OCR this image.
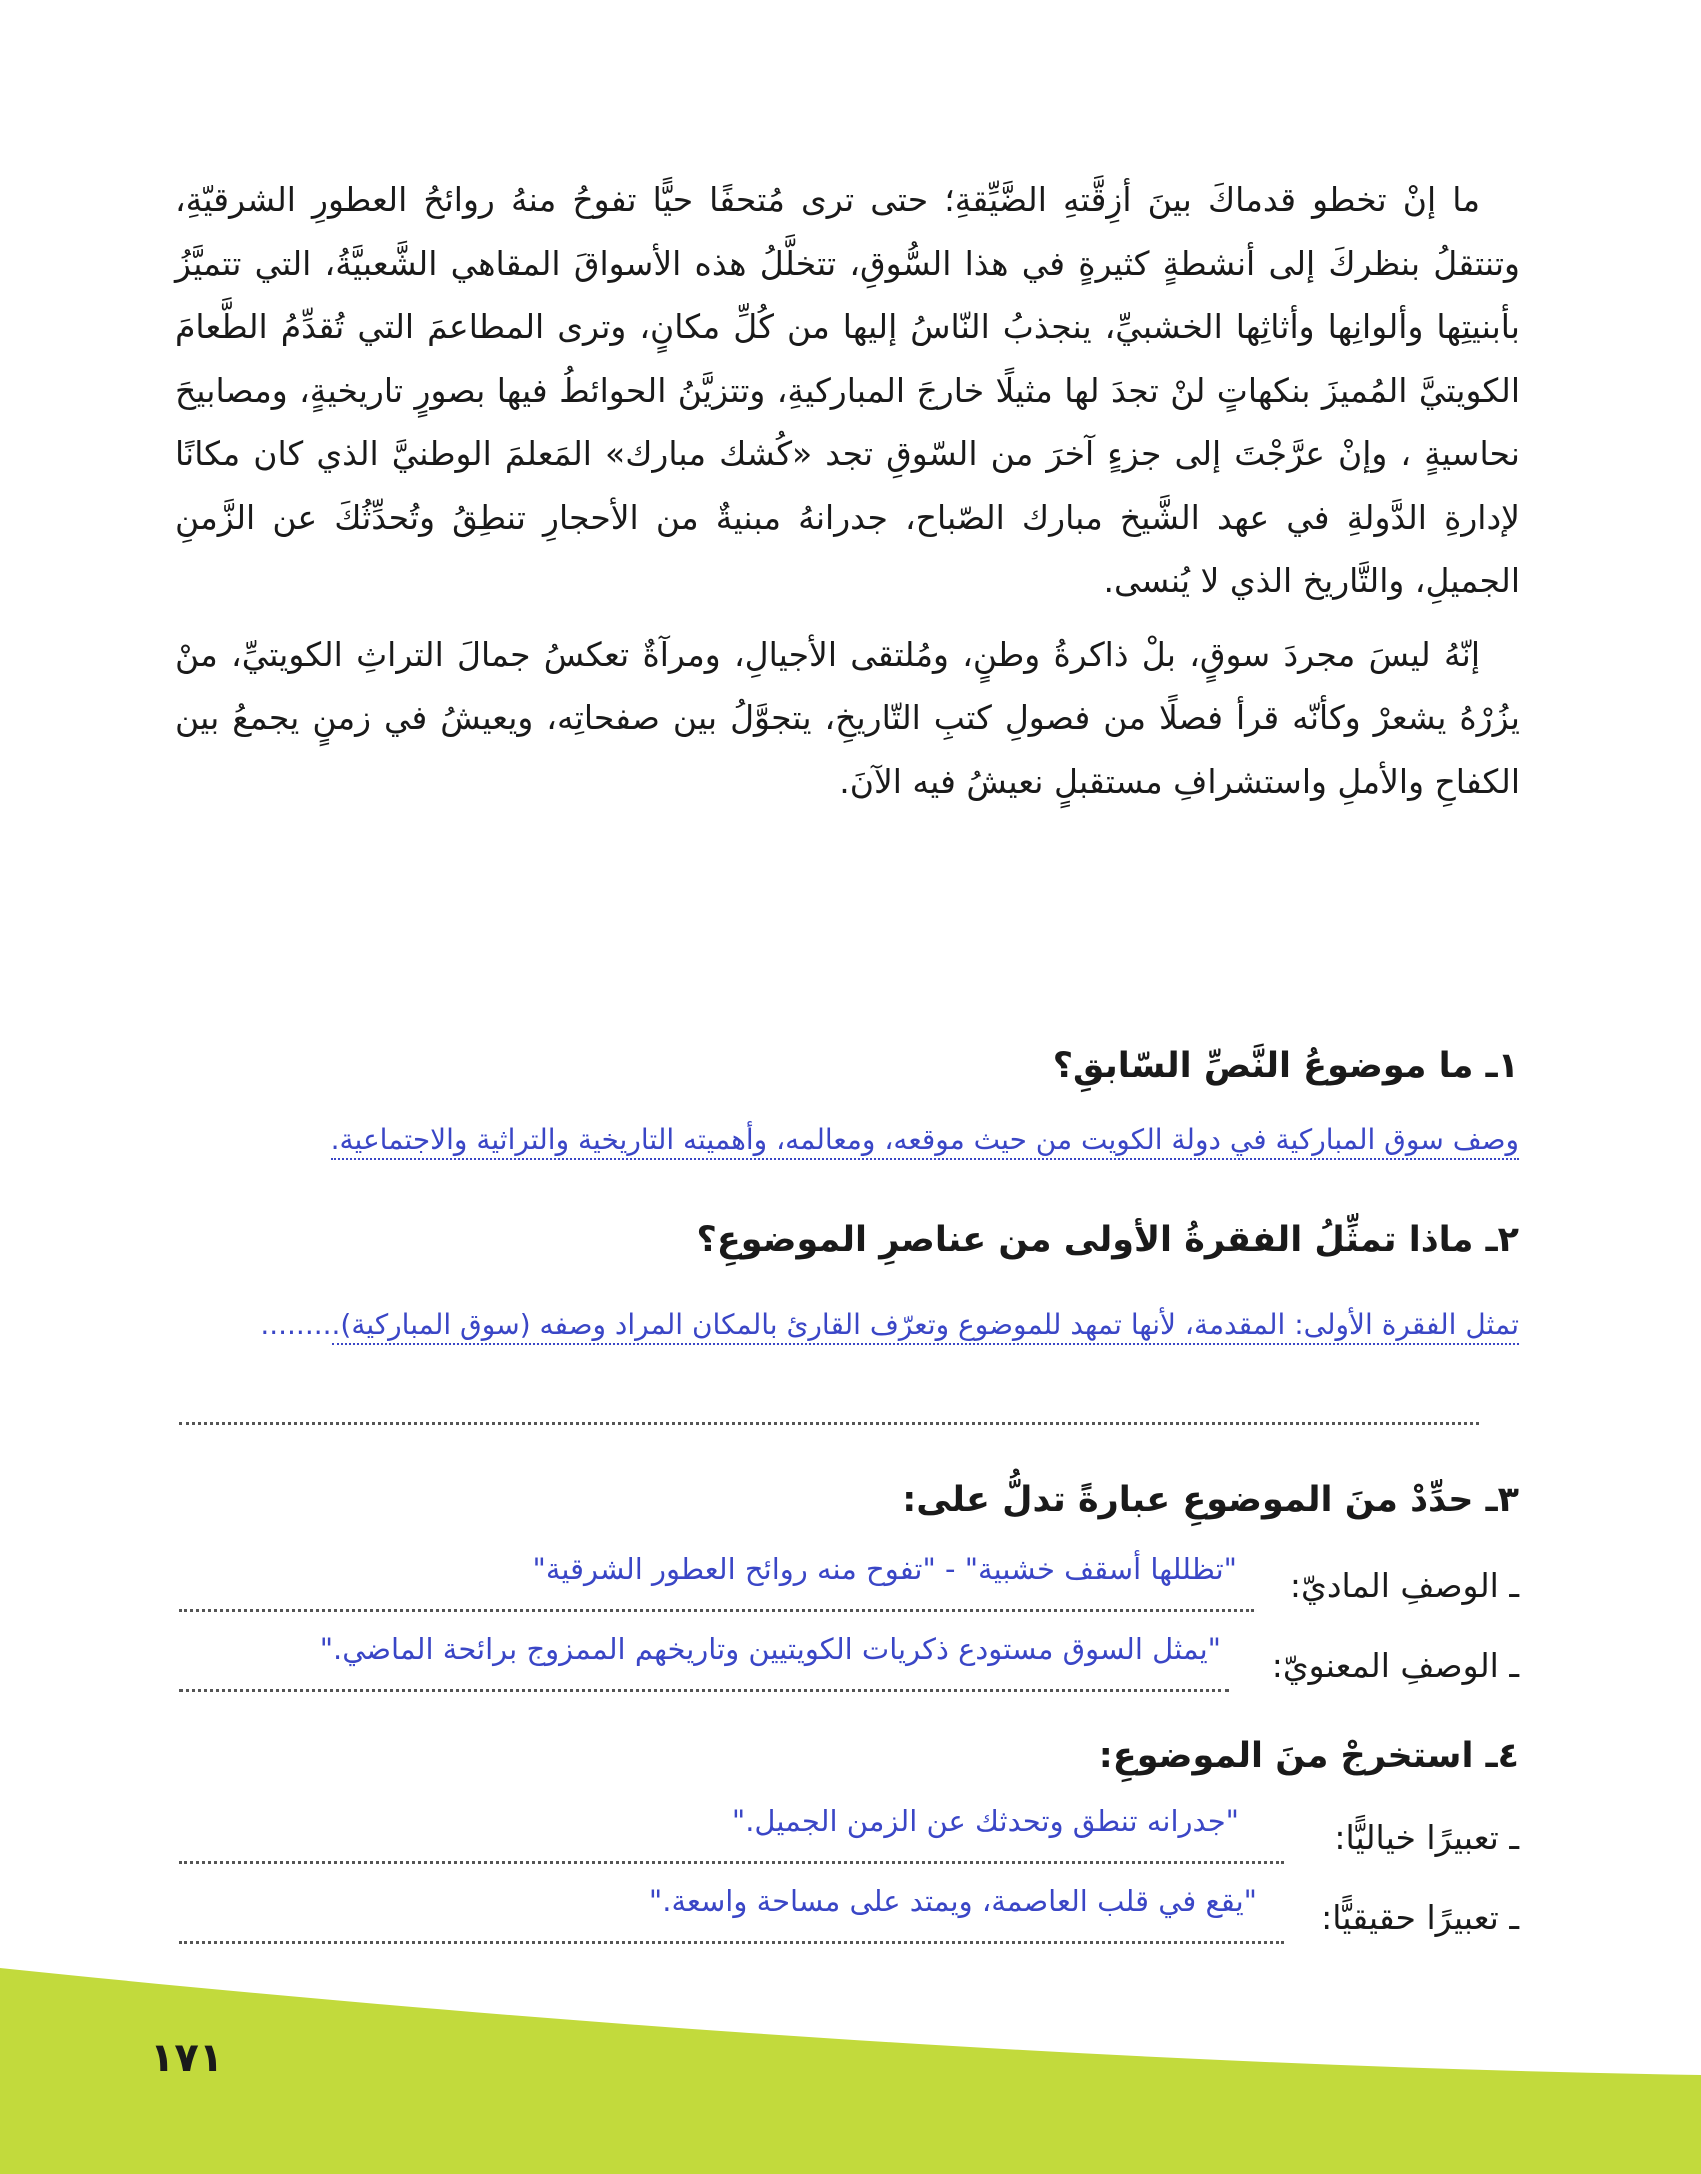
ما إنْ تخطو قدماكَ بينَ أزِقَّتهِ الضَّيِّقةِ؛ حتى ترى مُتحفًا حيًّا تفوحُ منهُ روائحُ العطورِ الشرقيّةِ، وتنتقلُ بنظركَ إلى أنشطةٍ كثيرةٍ في هذا السُّوقِ، تتخلَّلُ هذه الأسواقَ المقاهي الشَّعبيَّةُ، التي تتميَّزُ بأبنيتِها وألوانِها وأثاثِها الخشبيِّ، ينجذبُ النّاسُ إليها من كُلِّ مكانٍ، وترى المطاعمَ التي تُقدِّمُ الطَّعامَ الكويتيَّ المُميزَ بنكهاتٍ لنْ تجدَ لها مثيلًا خارجَ المباركيةِ، وتتزيَّنُ الحوائطُ فيها بصورٍ تاريخيةٍ، ومصابيحَ نحاسيةٍ ، وإنْ عرَّجْتَ إلى جزءٍ آخرَ من السّوقِ تجد «كُشك مبارك» المَعلمَ الوطنيَّ الذي كان مكانًا لإدارةِ الدَّولةِ في عهد الشَّيخ مبارك الصّباح، جدرانهُ مبنيةٌ من الأحجارِ تنطِقُ وتُحدِّثُكَ عن الزَّمنِ الجميلِ، والتَّاريخ الذي لا يُنسى.

إنّهُ ليسَ مجردَ سوقٍ، بلْ ذاكرةُ وطنٍ، ومُلتقى الأجيالِ، ومرآةٌ تعكسُ جمالَ التراثِ الكويتيِّ، منْ يزُرْهُ يشعرْ وكأنّه قرأ فصلًا من فصولِ كتبِ التّاريخِ، يتجوَّلُ بين صفحاتِه، ويعيشُ في زمنٍ يجمعُ بين الكفاحِ والأملِ واستشرافِ مستقبلٍ نعيشُ فيه الآنَ.

١ـ ما موضوعُ النَّصِّ السّابقِ؟
وصف سوق المباركية في دولة الكويت من حيث موقعه، ومعالمه، وأهميته التاريخية والتراثية والاجتماعية.
٢ـ ماذا تمثِّلُ الفقرةُ الأولى من عناصرِ الموضوعِ؟
تمثل الفقرة الأولى: المقدمة، لأنها تمهد للموضوع وتعرّف القارئ بالمكان المراد وصفه (سوق المباركية).........
٣ـ حدِّدْ منَ الموضوعِ عبارةً تدلُّ على:
ـ الوصفِ الماديّ:
"تظللها أسقف خشبية" - "تفوح منه روائح العطور الشرقية"
ـ الوصفِ المعنويّ:
"يمثل السوق مستودع ذكريات الكويتيين وتاريخهم الممزوج برائحة الماضي."
٤ـ استخرجْ منَ الموضوعِ:
ـ تعبيرًا خياليًّا:
"جدرانه تنطق وتحدثك عن الزمن الجميل."
ـ تعبيرًا حقيقيًّا:
"يقع في قلب العاصمة، ويمتد على مساحة واسعة."
١٧١
